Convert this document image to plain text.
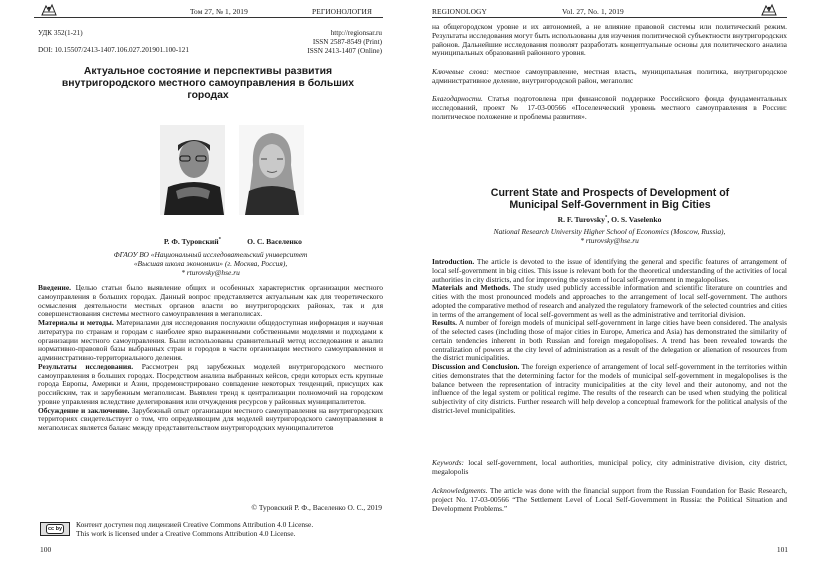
Том 27, № 1, 2019	РЕГИОНОЛОГИЯ
УДК 352(1-21)
DOI: 10.15507/2413-1407.106.027.201901.100-121
http://regionsar.ru
ISSN 2587-8549 (Print)
ISSN 2413-1407 (Online)
Актуальное состояние и перспективы развития внутригородского местного самоуправления в больших городах
Р. Ф. Туровский*	О. С. Васеленко
ФГАОУ ВО «Национальный исследовательский университет
«Высшая школа экономики» (г. Москва, Россия),
* rturovsky@hse.ru

Введение. Целью статьи было выявление общих и особенных характеристик организации местного самоуправления в больших городах. Данный вопрос представляется актуальным как для теоретического осмысления деятельности местных органов власти во внутригородских районах, так и для совершенствования системы местного самоуправления в мегаполисах.

Материалы и методы. Материалами для исследования послужили общедоступная информация и научная литература по странам и городам с наиболее ярко выраженными собственными моделями и подходами к организации местного самоуправления. Были использованы сравнительный метод исследования и анализ нормативно-правовой базы выбранных стран и городов в части организации местного самоуправления и административно-территориального деления.

Результаты исследования. Рассмотрен ряд зарубежных моделей внутригородского местного самоуправления в больших городах. Посредством анализа выбранных кейсов, среди которых есть крупные города Европы, Америки и Азии, продемонстрировано совпадение некоторых тенденций, присущих как российским, так и зарубежным мегаполисам. Выявлен тренд к централизации полномочий на городском уровне управления вследствие делегирования или отчуждения ресурсов у районных муниципалитетов.

Обсуждение и заключение. Зарубежный опыт организации местного самоуправления на внутригородских территориях свидетельствует о том, что определяющим для моделей внутригородского самоуправления в мегаполисах является баланс между представительством внутригородских муниципалитетов

© Туровский Р. Ф., Васеленко О. С., 2019
cc by Контент доступен под лицензией Creative Commons Attribution 4.0 License.
This work is licensed under a Creative Commons Attribution 4.0 License.
100
REGIONOLOGY	Vol. 27, No. 1, 2019
на общегородском уровне и их автономией, а не влияние правовой системы или политический режим. Результаты исследования могут быть использованы для изучения политической субъектности внутригородских районов. Дальнейшие исследования позволят разработать концептуальные основы для политического анализа муниципальных образований районного уровня.
Ключевые слова: местное самоуправление, местная власть, муниципальная политика, внутригородское административное деление, внутригородской район, мегаполис
Благодарности. Статья подготовлена при финансовой поддержке Российского фонда фундаментальных исследований, проект № 17-03-00566 «Поселенческий уровень местного самоуправления в России: политическое положение и проблемы развития».
Current State and Prospects of Development of Municipal Self-Government in Big Cities
R. F. Turovsky*, O. S. Vaselenko
National Research University Higher School of Economics (Moscow, Russia),
* rturovsky@hse.ru

Introduction. The article is devoted to the issue of identifying the general and specific features of arrangement of local self-government in big cities. This issue is relevant both for the theoretical understanding of the activities of local authorities in city districts, and for improving the system of local self-government in megalopolises.

Materials and Methods. The study used publicly accessible information and scientific literature on countries and cities with the most pronounced models and approaches to the arrangement of local self-government. The authors adopted the comparative method of research and analyzed the regulatory framework of the selected countries and cities in terms of the arrangement of local self-government as well as the administrative and territorial division.

Results. A number of foreign models of municipal self-government in large cities have been considered. The analysis of the selected cases (including those of major cities in Europe, America and Asia) has demonstrated the similarity of certain tendencies inherent in both Russian and foreign megalopolises. A trend has been revealed towards the centralization of powers at the city level of administration as a result of the delegation or alienation of resources from the district municipalities.

Discussion and Conclusion. The foreign experience of arrangement of local self-government in the territories within cities demonstrates that the determining factor for the models of municipal self-government in megalopolises is the balance between the representation of intracity municipalities at the city level and their autonomy, and not the influence of the legal system or political regime. The results of the research can be used when studying the political subjectivity of city districts. Further research will help develop a conceptual framework for the political analysis of the district-level municipalities.

Keywords: local self-government, local authorities, municipal policy, city administrative division, city district, megalopolis
Acknowledgments. The article was done with the financial support from the Russian Foundation for Basic Research, project No. 17-03-00566 “The Settlement Level of Local Self-Government in Russia: the Political Situation and Development Problems.”
101
